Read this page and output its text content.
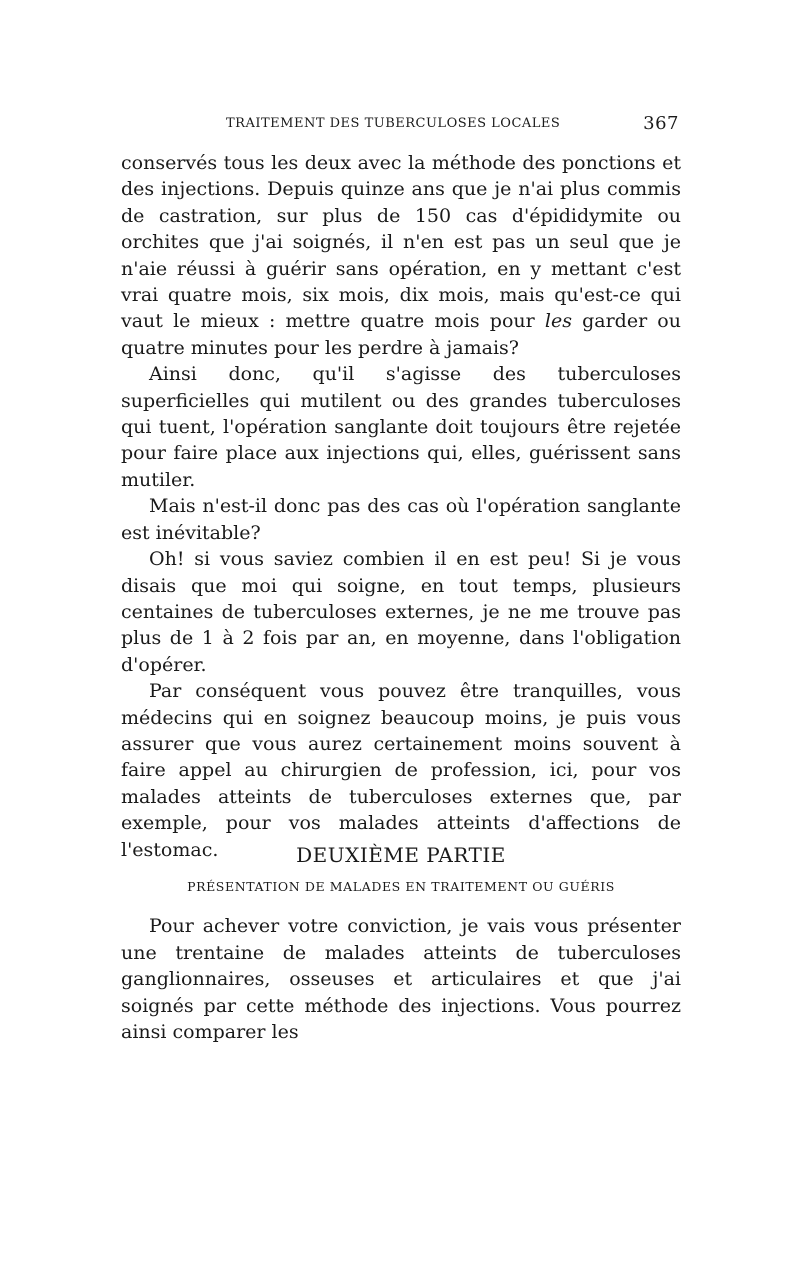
TRAITEMENT DES TUBERCULOSES LOCALES	367

conservés tous les deux avec la méthode des ponctions et des injections. Depuis quinze ans que je n'ai plus commis de castration, sur plus de 150 cas d'épididymite ou orchites que j'ai soignés, il n'en est pas un seul que je n'aie réussi à guérir sans opération, en y mettant c'est vrai quatre mois, six mois, dix mois, mais qu'est-ce qui vaut le mieux : mettre quatre mois pour les garder ou quatre minutes pour les perdre à jamais?

Ainsi donc, qu'il s'agisse des tuberculoses superficielles qui mutilent ou des grandes tuberculoses qui tuent, l'opération sanglante doit toujours être rejetée pour faire place aux injections qui, elles, guérissent sans mutiler.

Mais n'est-il donc pas des cas où l'opération sanglante est inévitable?

Oh! si vous saviez combien il en est peu! Si je vous disais que moi qui soigne, en tout temps, plusieurs centaines de tuberculoses externes, je ne me trouve pas plus de 1 à 2 fois par an, en moyenne, dans l'obligation d'opérer.

Par conséquent vous pouvez être tranquilles, vous médecins qui en soignez beaucoup moins, je puis vous assurer que vous aurez certainement moins souvent à faire appel au chirurgien de profession, ici, pour vos malades atteints de tuberculoses externes que, par exemple, pour vos malades atteints d'affections de l'estomac.	DEUXIÈME PARTIE
PRÉSENTATION DE MALADES EN TRAITEMENT OU GUÉRIS

Pour achever votre conviction, je vais vous présenter une trentaine de malades atteints de tuberculoses ganglionnaires, osseuses et articulaires et que j'ai soignés par cette méthode des injections. Vous pourrez ainsi comparer les
